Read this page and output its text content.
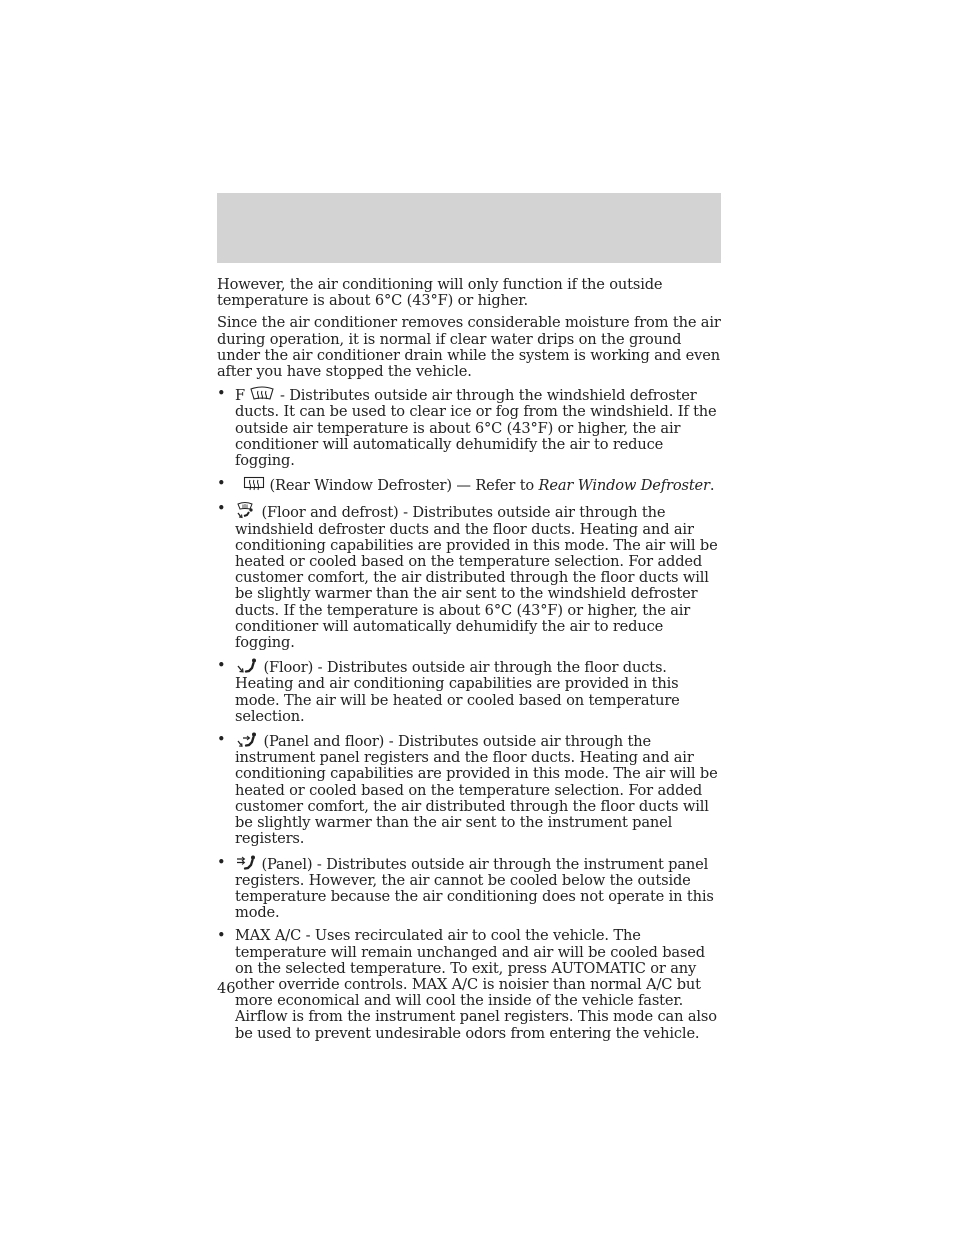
However, the air conditioning will only function if the outside temperature is about 6°C (43°F) or higher.

Since the air conditioner removes considerable moisture from the air during operation, it is normal if clear water drips on the ground under the air conditioner drain while the system is working and even after you have stopped the vehicle.

• F
- Distributes outside air through the windshield defroster ducts. It can be used to clear ice or fog from the windshield. If the outside air temperature is about 6°C (43°F) or higher, the air conditioner will automatically dehumidify the air to reduce fogging.
•	(Rear Window Defroster) — Refer to Rear Window Defroster.
• (Floor and defrost) - Distributes outside air through the windshield defroster ducts and the floor ducts. Heating and air conditioning capabilities are provided in this mode. The air will be heated or cooled based on the temperature selection. For added customer comfort, the air distributed through the floor ducts will be slightly warmer than the air sent to the windshield defroster ducts. If the temperature is about 6°C (43°F) or higher, the air conditioner will automatically dehumidify the air to reduce fogging.
• (Floor) - Distributes outside air through the floor ducts. Heating and air conditioning capabilities are provided in this mode. The air will be heated or cooled based on temperature selection.
• (Panel and floor) - Distributes outside air through the instrument panel registers and the floor ducts. Heating and air conditioning capabilities are provided in this mode. The air will be heated or cooled based on the temperature selection. For added customer comfort, the air distributed through the floor ducts will be slightly warmer than the air sent to the instrument panel registers.
• (Panel) - Distributes outside air through the instrument panel registers. However, the air cannot be cooled below the outside temperature because the air conditioning does not operate in this mode.
• MAX A/C - Uses recirculated air to cool the vehicle. The temperature will remain unchanged and air will be cooled based on the selected temperature. To exit, press AUTOMATIC or any other override controls. MAX A/C is noisier than normal A/C but more economical and will cool the inside of the vehicle faster. Airflow is from the instrument panel registers. This mode can also be used to prevent undesirable odors from entering the vehicle.
46
